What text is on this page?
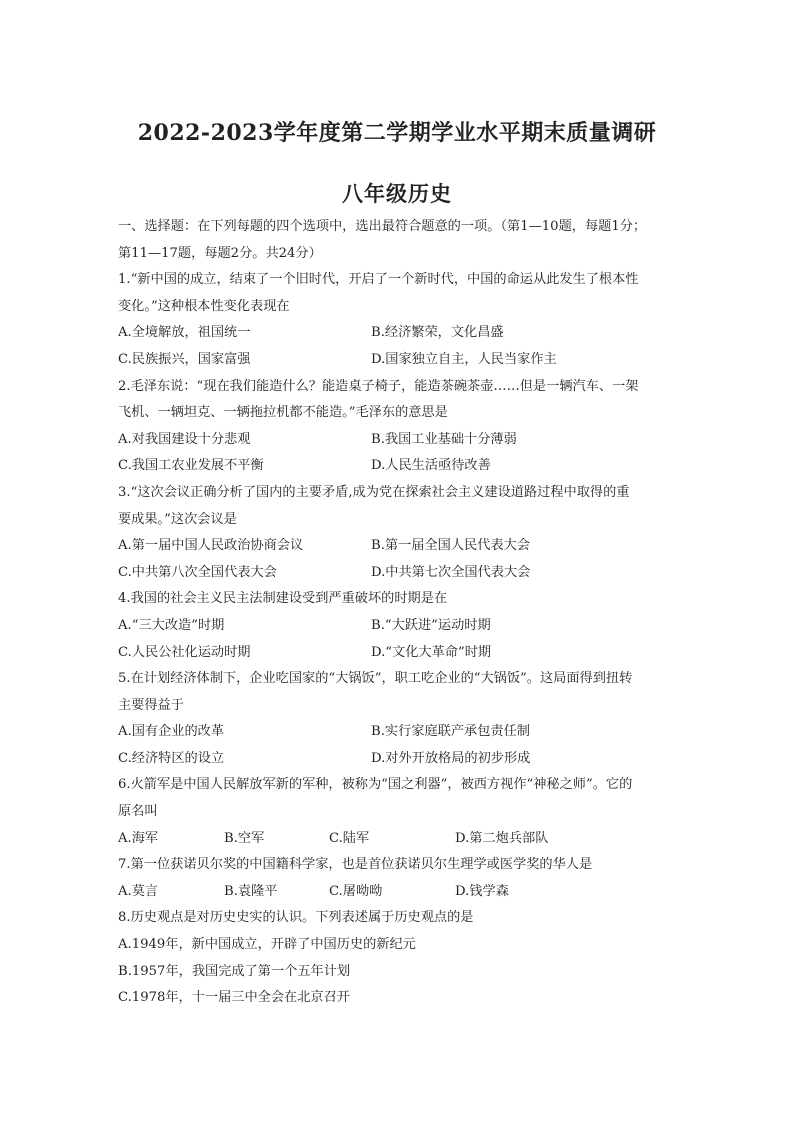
2022-2023学年度第二学期学业水平期末质量调研
八年级历史
一、选择题：在下列每题的四个选项中，选出最符合题意的一项。（第1—10题，每题1分；
第11—17题，每题2分。共24分）
1.“新中国的成立，结束了一个旧时代，开启了一个新时代，中国的命运从此发生了根本性
变化。”这种根本性变化表现在
A.全境解放，祖国统一	B.经济繁荣，文化昌盛
C.民族振兴，国家富强	D.国家独立自主，人民当家作主
2.毛泽东说：“现在我们能造什么？能造桌子椅子，能造茶碗茶壶……但是一辆汽车、一架
飞机、一辆坦克、一辆拖拉机都不能造。”毛泽东的意思是
A.对我国建设十分悲观	B.我国工业基础十分薄弱
C.我国工农业发展不平衡	D.人民生活亟待改善
3.“这次会议正确分析了国内的主要矛盾,成为党在探索社会主义建设道路过程中取得的重
要成果。”这次会议是
A.第一届中国人民政治协商会议	B.第一届全国人民代表大会
C.中共第八次全国代表大会	D.中共第七次全国代表大会
4.我国的社会主义民主法制建设受到严重破坏的时期是在
A.“三大改造”时期	B.“大跃进”运动时期
C.人民公社化运动时期	D.“文化大革命”时期
5.在计划经济体制下，企业吃国家的“大锅饭”，职工吃企业的“大锅饭”。这局面得到扭转
主要得益于
A.国有企业的改革	B.实行家庭联产承包责任制
C.经济特区的设立	D.对外开放格局的初步形成
6.火箭军是中国人民解放军新的军种，被称为“国之利器”，被西方视作“神秘之师”。它的
原名叫
A.海军	B.空军	C.陆军	D.第二炮兵部队
7.第一位获诺贝尔奖的中国籍科学家，也是首位获诺贝尔生理学或医学奖的华人是
A.莫言	B.袁隆平	C.屠呦呦	D.钱学森
8.历史观点是对历史史实的认识。下列表述属于历史观点的是
A.1949年，新中国成立，开辟了中国历史的新纪元
B.1957年，我国完成了第一个五年计划
C.1978年，十一届三中全会在北京召开
